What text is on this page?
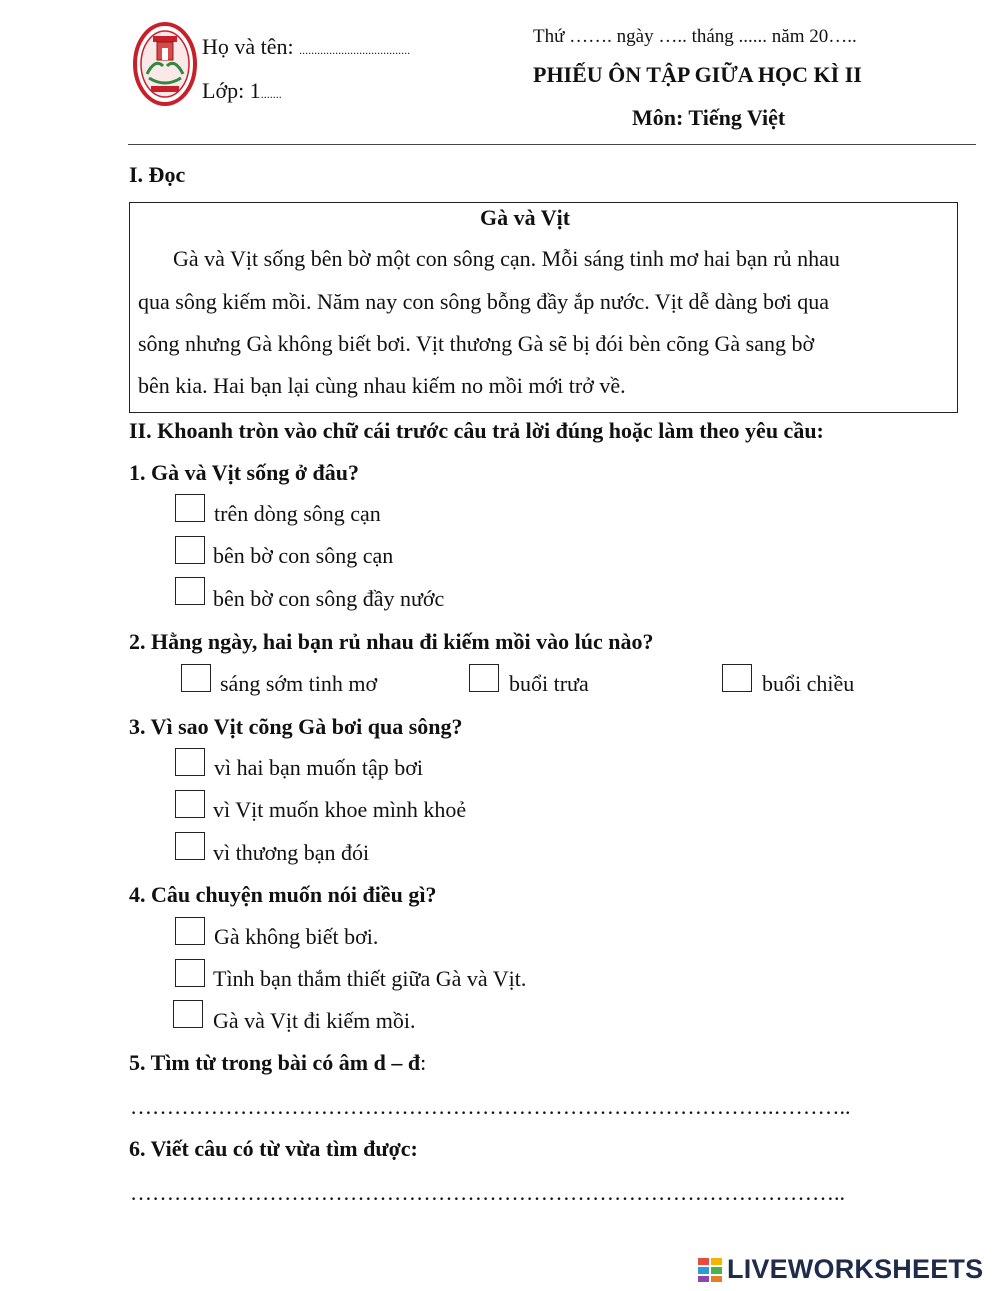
Họ và tên: .....................................
Lớp: 1.......
Thứ ……. ngày ….. tháng ...... năm 20…..
PHIẾU ÔN TẬP GIỮA HỌC KÌ II
Môn: Tiếng Việt
I. Đọc
Gà và Vịt
Gà và Vịt sống bên bờ một con sông cạn. Mỗi sáng tinh mơ hai bạn rủ nhau
qua sông kiếm mồi. Năm nay con sông bỗng đầy ắp nước. Vịt dễ dàng bơi qua
sông nhưng Gà không biết bơi. Vịt thương Gà sẽ bị đói bèn cõng Gà sang bờ
bên kia. Hai bạn lại cùng nhau kiếm no mồi mới trở về.
II. Khoanh tròn vào chữ cái trước câu trả lời đúng hoặc làm theo yêu cầu:
1. Gà và Vịt sống ở đâu?
trên dòng sông cạn
bên bờ con sông cạn
bên bờ con sông đầy nước
2. Hằng ngày, hai bạn rủ nhau đi kiếm mồi vào lúc nào?
sáng sớm tinh mơ	buổi trưa	buổi chiều
3. Vì sao Vịt cõng Gà bơi qua sông?
vì hai bạn muốn tập bơi
vì Vịt muốn khoe mình khoẻ
vì thương bạn đói
4. Câu chuyện muốn nói điều gì?
Gà không biết bơi.
Tình bạn thắm thiết giữa Gà và Vịt.
Gà và Vịt đi kiếm mồi.
5. Tìm từ trong bài có âm d – đ:
…………………………………………………………………………….………..
6. Viết câu có từ vừa tìm được:
……………………………………………………………………………………..
LIVEWORKSHEETS
